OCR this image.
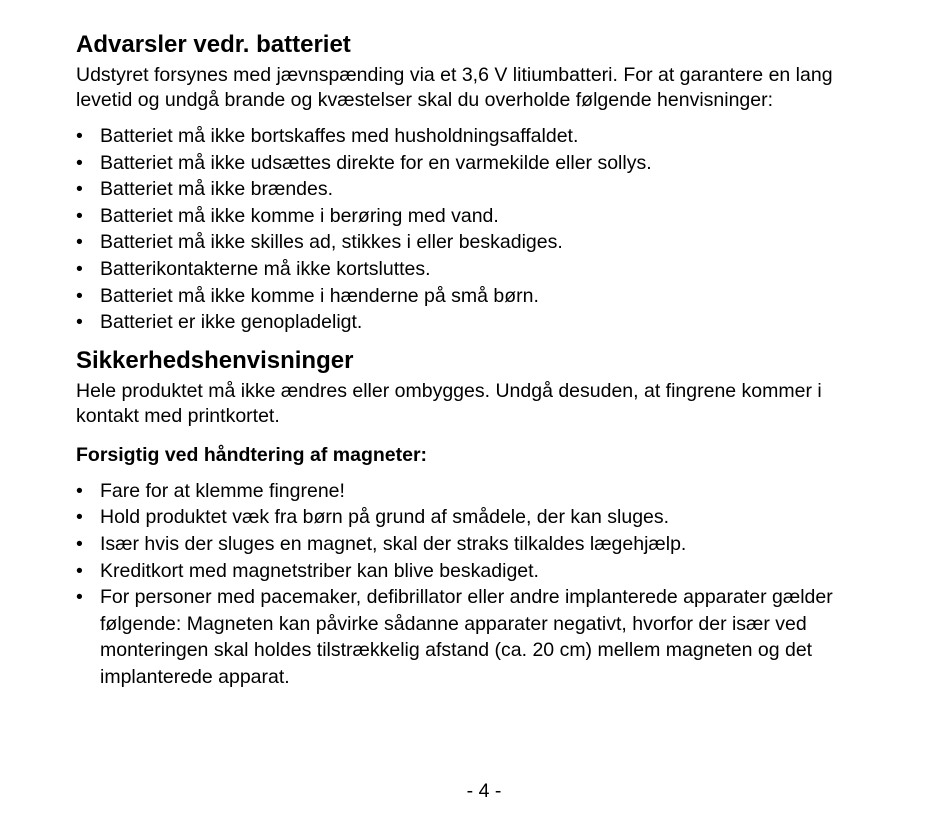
Advarsler vedr. batteriet

Udstyret forsynes med jævnspænding via et 3,6 V litiumbatteri. For at garantere en lang levetid og undgå brande og kvæstelser skal du overholde følgende henvisninger:

• Batteriet må ikke bortskaffes med husholdningsaffaldet.
• Batteriet må ikke udsættes direkte for en varmekilde eller sollys.
• Batteriet må ikke brændes.
• Batteriet må ikke komme i berøring med vand.
• Batteriet må ikke skilles ad, stikkes i eller beskadiges.
• Batterikontakterne må ikke kortsluttes.
• Batteriet må ikke komme i hænderne på små børn.
• Batteriet er ikke genopladeligt.
Sikkerhedshenvisninger

Hele produktet må ikke ændres eller ombygges. Undgå desuden, at fingrene kommer i kontakt med printkortet.

Forsigtig ved håndtering af magneter:

• Fare for at klemme fingrene!
• Hold produktet væk fra børn på grund af smådele, der kan sluges.
• Især hvis der sluges en magnet, skal der straks tilkaldes lægehjælp.
• Kreditkort med magnetstriber kan blive beskadiget.
• For personer med pacemaker, defibrillator eller andre implanterede apparater gælder følgende: Magneten kan påvirke sådanne apparater negativt, hvorfor der især ved monteringen skal holdes tilstrækkelig afstand (ca. 20 cm) mellem magneten og det implanterede apparat.
- 4 -
